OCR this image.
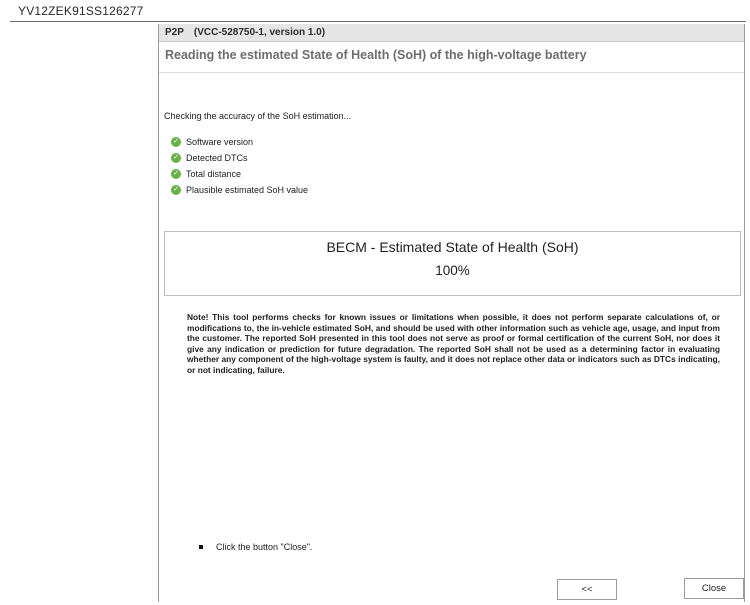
YV12ZEK91SS126277
P2P (VCC-528750-1, version 1.0)
Reading the estimated State of Health (SoH) of the high-voltage battery
Checking the accuracy of the SoH estimation...
✓ Software version
✓ Detected DTCs
✓ Total distance
✓ Plausible estimated SoH value
BECM - Estimated State of Health (SoH)
100%
Note! This tool performs checks for known issues or limitations when possible, it does not perform separate calculations of, or modifications to, the in-vehicle estimated SoH, and should be used with other information such as vehicle age, usage, and input from the customer. The reported SoH presented in this tool does not serve as proof or formal certification of the current SoH, nor does it give any indication or prediction for future degradation. The reported SoH shall not be used as a determining factor in evaluating whether any component of the high-voltage system is faulty, and it does not replace other data or indicators such as DTCs indicating, or not indicating, failure.
Click the button "Close".
<<	Close
